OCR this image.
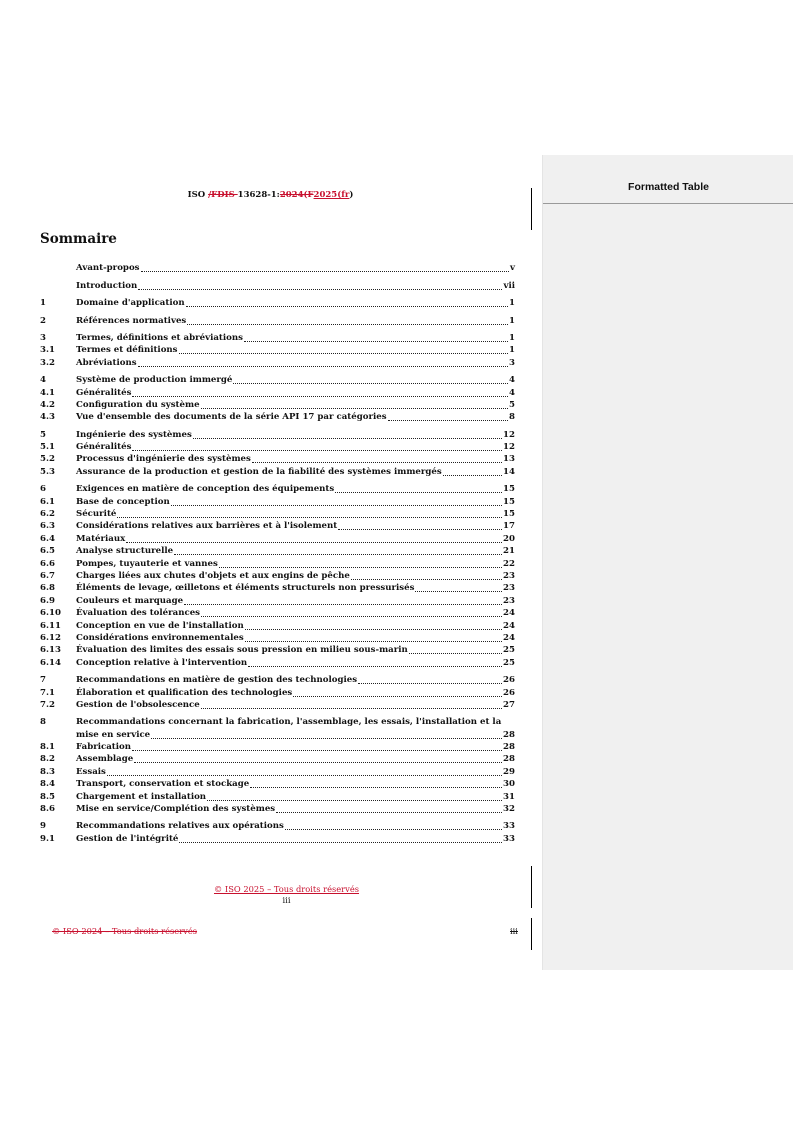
Formatted Table
ISO /FDIS 13628-1:2024(F2025(fr)
Sommaire
Avant-propos	v
Introduction	vii
1	Domaine d'application	1
2	Références normatives	1
3	Termes, définitions et abréviations	1
3.1	Termes et définitions	1
3.2	Abréviations	3
4	Système de production immergé	4
4.1	Généralités	4
4.2	Configuration du système	5
4.3	Vue d'ensemble des documents de la série API 17 par catégories	8
5	Ingénierie des systèmes	12
5.1	Généralités	12
5.2	Processus d'ingénierie des systèmes	13
5.3	Assurance de la production et gestion de la fiabilité des systèmes immergés	14
6	Exigences en matière de conception des équipements	15
6.1	Base de conception	15
6.2	Sécurité	15
6.3	Considérations relatives aux barrières et à l'isolement	17
6.4	Matériaux	20
6.5	Analyse structurelle	21
6.6	Pompes, tuyauterie et vannes	22
6.7	Charges liées aux chutes d'objets et aux engins de pêche	23
6.8	Éléments de levage, œilletons et éléments structurels non pressurisés	23
6.9	Couleurs et marquage	23
6.10	Évaluation des tolérances	24
6.11	Conception en vue de l'installation	24
6.12	Considérations environnementales	24
6.13	Évaluation des limites des essais sous pression en milieu sous-marin	25
6.14	Conception relative à l'intervention	25
7	Recommandations en matière de gestion des technologies	26
7.1	Élaboration et qualification des technologies	26
7.2	Gestion de l'obsolescence	27
8	Recommandations concernant la fabrication, l'assemblage, les essais, l'installation et la
mise en service	28
8.1	Fabrication	28
8.2	Assemblage	28
8.3	Essais	29
8.4	Transport, conservation et stockage	30
8.5	Chargement et installation	31
8.6	Mise en service/Complétion des systèmes	32
9	Recommandations relatives aux opérations	33
9.1	Gestion de l'intégrité	33
© ISO 2025 – Tous droits réservés
iii
© ISO 2024 – Tous droits réservés	iii
